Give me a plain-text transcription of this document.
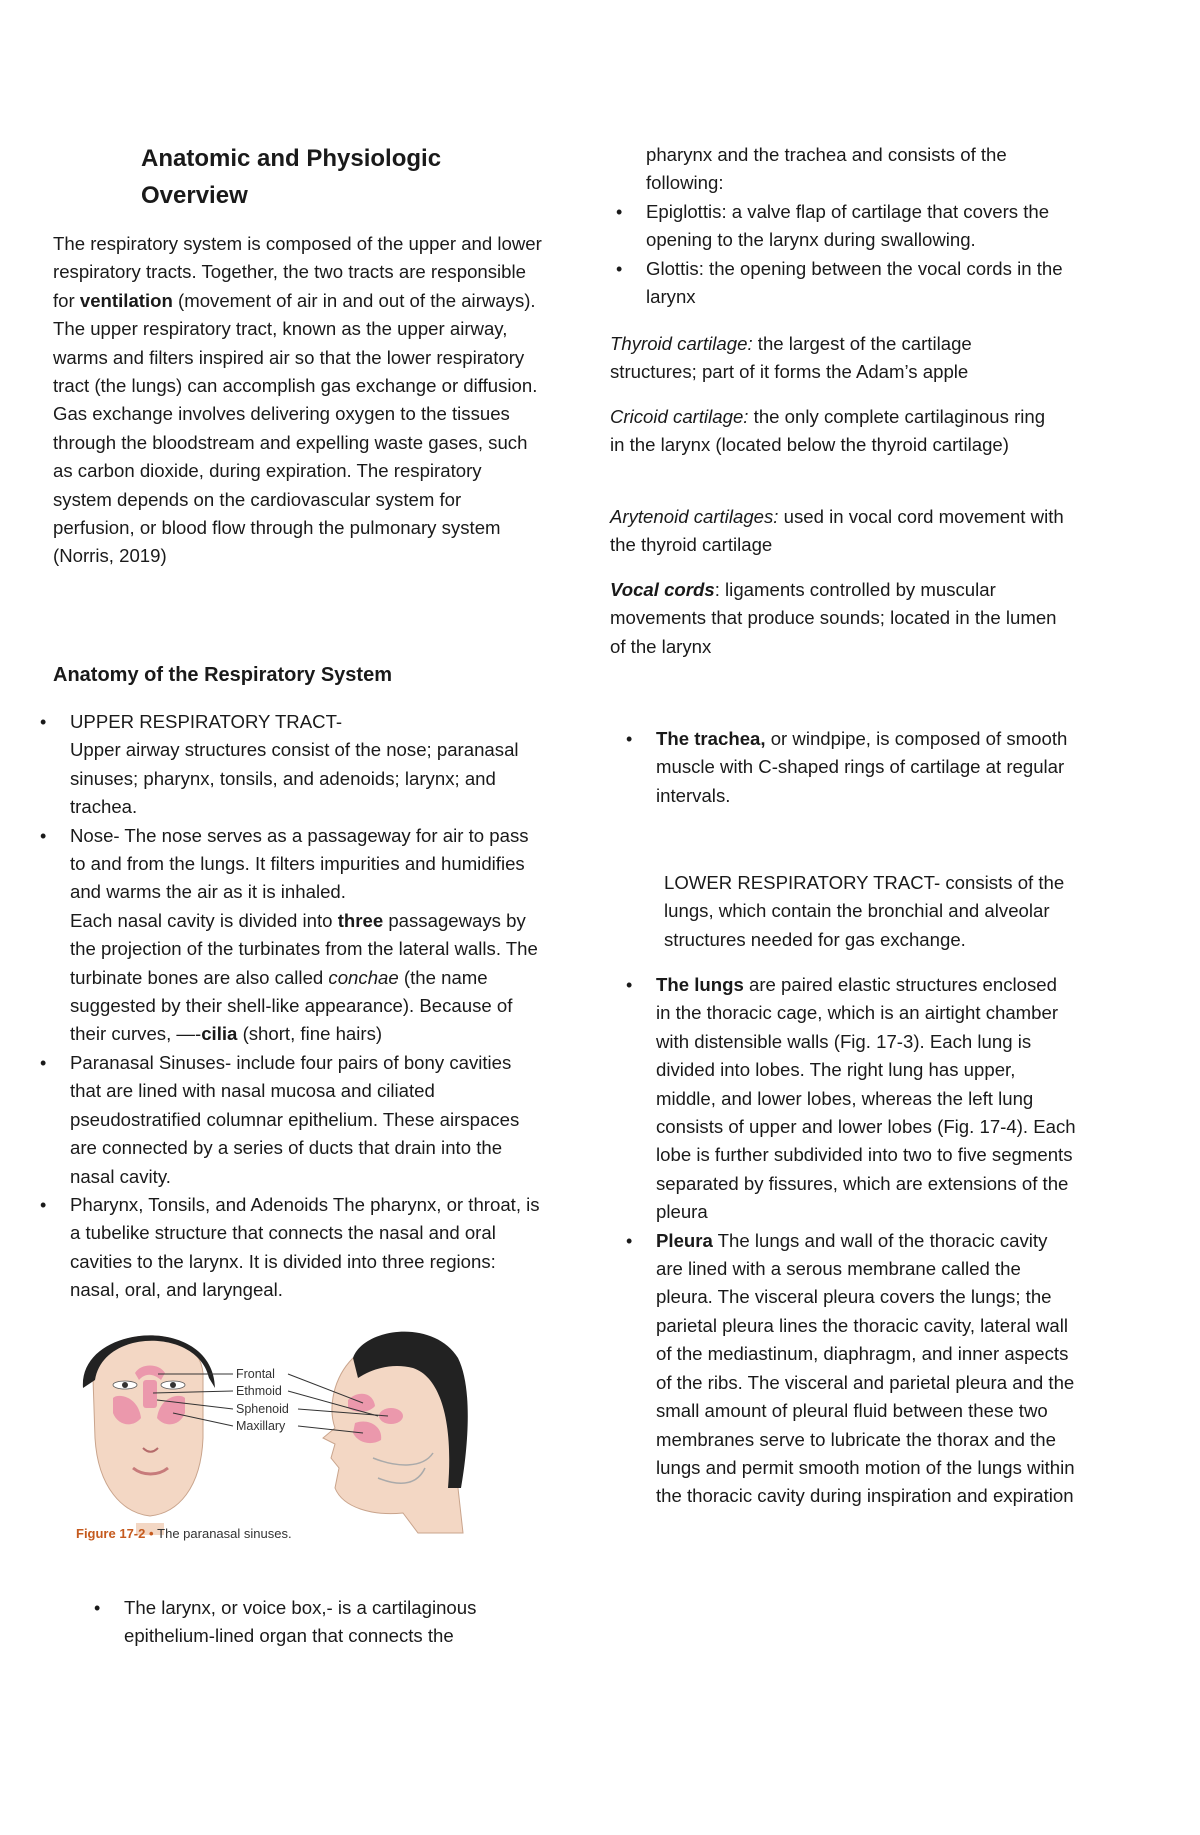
Anatomic and Physiologic
Overview
The respiratory system is composed of the upper and lower respiratory tracts. Together, the two tracts are responsible for ventilation (movement of air in and out of the airways). The upper respiratory tract, known as the upper airway, warms and filters inspired air so that the lower respiratory tract (the lungs) can accomplish gas exchange or diffusion. Gas exchange involves delivering oxygen to the tissues through the bloodstream and expelling waste gases, such as carbon dioxide, during expiration. The respiratory system depends on the cardiovascular system for perfusion, or blood flow through the pulmonary system (Norris, 2019)
Anatomy of the Respiratory System
• UPPER RESPIRATORY TRACT-
Upper airway structures consist of the nose; paranasal sinuses; pharynx, tonsils, and adenoids; larynx; and trachea.
• Nose- The nose serves as a passageway for air to pass to and from the lungs. It filters impurities and humidifies and warms the air as it is inhaled.
Each nasal cavity is divided into three passageways by the projection of the turbinates from the lateral walls. The turbinate bones are also called conchae (the name suggested by their shell-like appearance). Because of their curves, —-cilia (short, fine hairs)
• Paranasal Sinuses- include four pairs of bony cavities that are lined with nasal mucosa and ciliated pseudostratified columnar epithelium. These airspaces are connected by a series of ducts that drain into the nasal cavity.
• Pharynx, Tonsils, and Adenoids The pharynx, or throat, is a tubelike structure that connects the nasal and oral cavities to the larynx. It is divided into three regions: nasal, oral, and laryngeal.
Frontal
Ethmoid
Sphenoid
Maxillary
Figure 17-2 • The paranasal sinuses.
• The larynx, or voice box,- is a cartilaginous epithelium-lined organ that connects the
pharynx and the trachea and consists of the following:
• Epiglottis: a valve flap of cartilage that covers the opening to the larynx during swallowing.
• Glottis: the opening between the vocal cords in the larynx
Thyroid cartilage: the largest of the cartilage structures; part of it forms the Adam’s apple
Cricoid cartilage: the only complete cartilaginous ring in the larynx (located below the thyroid cartilage)
Arytenoid cartilages: used in vocal cord movement with the thyroid cartilage
Vocal cords: ligaments controlled by muscular movements that produce sounds; located in the lumen of the larynx
• The trachea, or windpipe, is composed of smooth muscle with C-shaped rings of cartilage at regular intervals.
LOWER RESPIRATORY TRACT- consists of the lungs, which contain the bronchial and alveolar structures needed for gas exchange.
• The lungs are paired elastic structures enclosed in the thoracic cage, which is an airtight chamber with distensible walls (Fig. 17-3). Each lung is divided into lobes. The right lung has upper, middle, and lower lobes, whereas the left lung consists of upper and lower lobes (Fig. 17-4). Each lobe is further subdivided into two to five segments separated by fissures, which are extensions of the pleura
• Pleura The lungs and wall of the thoracic cavity are lined with a serous membrane called the pleura. The visceral pleura covers the lungs; the parietal pleura lines the thoracic cavity, lateral wall of the mediastinum, diaphragm, and inner aspects of the ribs. The visceral and parietal pleura and the small amount of pleural fluid between these two membranes serve to lubricate the thorax and the lungs and permit smooth motion of the lungs within the thoracic cavity during inspiration and expiration
